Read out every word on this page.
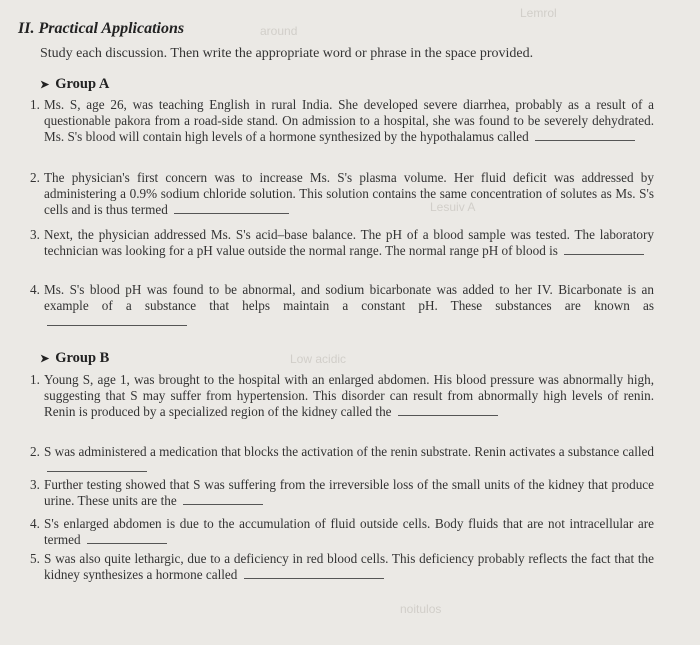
Lemrol
around
Lesuiv A
Low acidic
noitulos
II. Practical Applications
Study each discussion. Then write the appropriate word or phrase in the space provided.
➤ Group A
1. Ms. S, age 26, was teaching English in rural India. She developed severe diarrhea, probably as a result of a questionable pakora from a road-side stand. On admission to a hospital, she was found to be severely dehydrated. Ms. S's blood will contain high levels of a hormone synthesized by the hypothalamus called
2. The physician's first concern was to increase Ms. S's plasma volume. Her fluid deficit was addressed by administering a 0.9% sodium chloride solution. This solution contains the same concentration of solutes as Ms. S's cells and is thus termed
3. Next, the physician addressed Ms. S's acid–base balance. The pH of a blood sample was tested. The laboratory technician was looking for a pH value outside the normal range. The normal range pH of blood is
4. Ms. S's blood pH was found to be abnormal, and sodium bicarbonate was added to her IV. Bicarbonate is an example of a substance that helps maintain a constant pH. These substances are known as
➤ Group B
1. Young S, age 1, was brought to the hospital with an enlarged abdomen. His blood pressure was abnormally high, suggesting that S may suffer from hypertension. This disorder can result from abnormally high levels of renin. Renin is produced by a specialized region of the kidney called the
2. S was administered a medication that blocks the activation of the renin substrate. Renin activates a substance called
3. Further testing showed that S was suffering from the irreversible loss of the small units of the kidney that produce urine. These units are the
4. S's enlarged abdomen is due to the accumulation of fluid outside cells. Body fluids that are not intracellular are termed
5. S was also quite lethargic, due to a deficiency in red blood cells. This deficiency probably reflects the fact that the kidney synthesizes a hormone called
